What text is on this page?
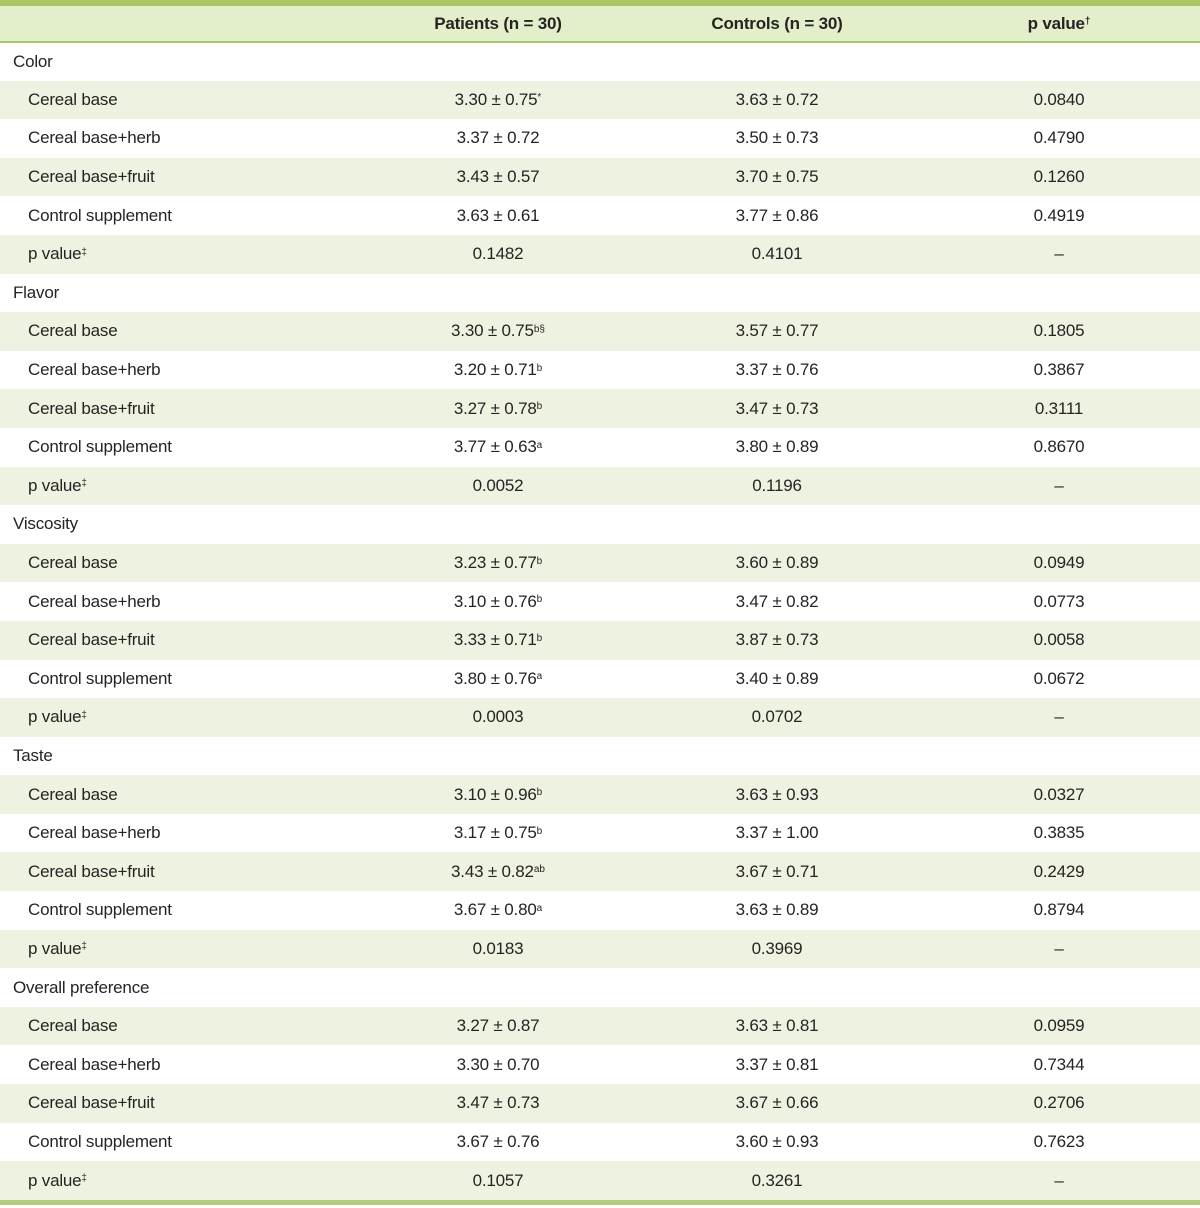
	Patients (n = 30)	Controls (n = 30)	p value†
Color			
Cereal base	3.30 ± 0.75*	3.63 ± 0.72	0.0840
Cereal base+herb	3.37 ± 0.72	3.50 ± 0.73	0.4790
Cereal base+fruit	3.43 ± 0.57	3.70 ± 0.75	0.1260
Control supplement	3.63 ± 0.61	3.77 ± 0.86	0.4919
p value‡	0.1482	0.4101	–
Flavor			
Cereal base	$3.30 \pm 0.75^{b\S}$	3.57 ± 0.77	0.1805
Cereal base+herb	3.20 ± 0.71$^b$	3.37 ± 0.76	0.3867
Cereal base+fruit	3.27 ± 0.78$^b$	3.47 ± 0.73	0.3111
Control supplement	3.77 ± 0.63$^a$	3.80 ± 0.89	0.8670
p value‡	0.0052	0.1196	–
Viscosity			
Cereal base	3.23 ± 0.77$^b$	3.60 ± 0.89	0.0949
Cereal base+herb	3.10 ± 0.76$^b$	3.47 ± 0.82	0.0773
Cereal base+fruit	3.33 ± 0.71$^b$	3.87 ± 0.73	0.0058
Control supplement	3.80 ± 0.76$^a$	3.40 ± 0.89	0.0672
p value‡	0.0003	0.0702	–
Taste			
Cereal base	3.10 ± 0.96$^b$	3.63 ± 0.93	0.0327
Cereal base+herb	3.17 ± 0.75$^b$	3.37 ± 1.00	0.3835
Cereal base+fruit	3.43 ± 0.82$^{ab}$	3.67 ± 0.71	0.2429
Control supplement	3.67 ± 0.80$^a$	3.63 ± 0.89	0.8794
p value‡	0.0183	0.3969	–
Overall preference			
Cereal base	3.27 ± 0.87	3.63 ± 0.81	0.0959
Cereal base+herb	3.30 ± 0.70	3.37 ± 0.81	0.7344
Cereal base+fruit	3.47 ± 0.73	3.67 ± 0.66	0.2706
Control supplement	3.67 ± 0.76	3.60 ± 0.93	0.7623
p value‡	0.1057	0.3261	–
